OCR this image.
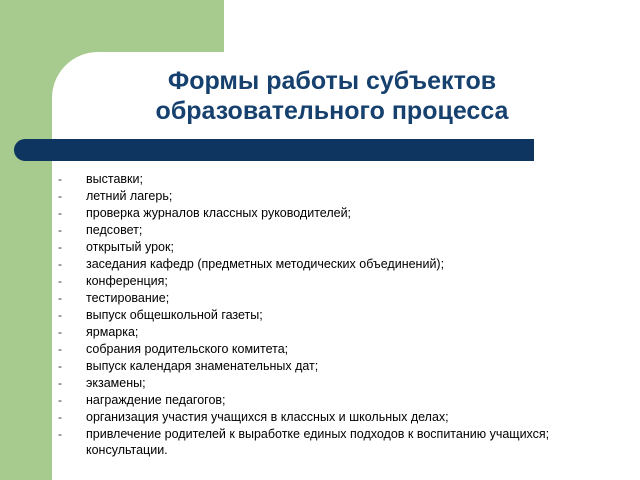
Формы работы субъектов образовательного процесса
-	выставки;
-	летний лагерь;
-	проверка журналов классных руководителей;
-	педсовет;
-	открытый урок;
-	заседания кафедр (предметных методических объединений);
-	конференция;
-	тестирование;
-	выпуск общешкольной газеты;
-	ярмарка;
-	собрания родительского комитета;
-	выпуск календаря знаменательных дат;
-	экзамены;
-	награждение педагогов;
-	организация участия учащихся в классных и школьных делах;
-	привлечение родителей к выработке единых подходов к воспитанию учащихся; консультации.
